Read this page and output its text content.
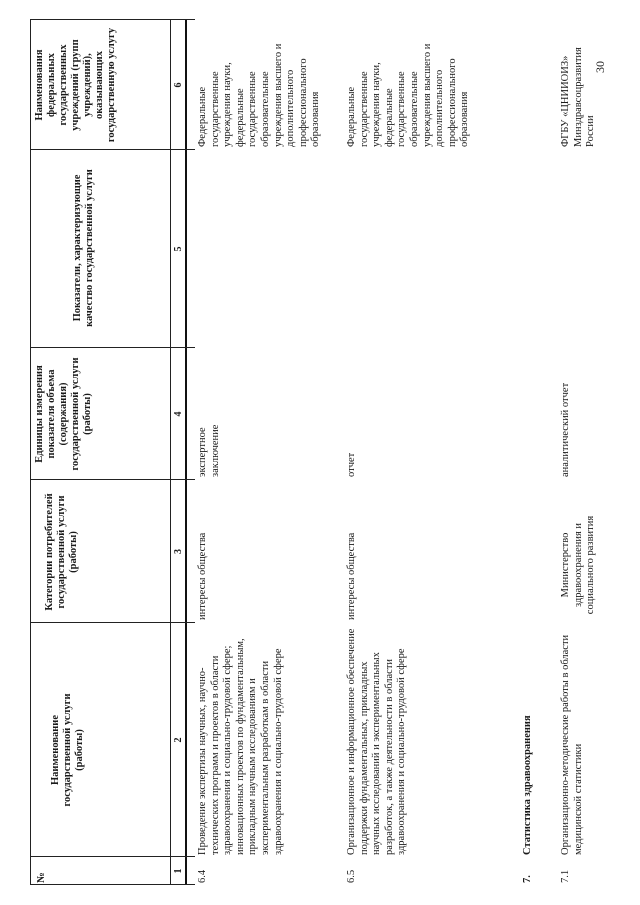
№
Наименование государственной услуги (работы)
Категории потребителей государственной услуги (работы)
Единицы измерения показателя объема (содержания) государственной услуги (работы)
Показатели, характеризующие качество государственной услуги
Наименования федеральных государственных учреждений (групп учреждений), оказывающих государственную услугу
1
2
3
4
5
6
6.4
Проведение экспертизы научных, научно-технических программ и проектов в области здравоохранения и социально-трудовой сфере; инновационных проектов по фундаментальным, прикладным научным исследованиям и экспериментальным разработкам в области здравоохранения и социально-трудовой сфере
интересы общества
экспертное заключение
Федеральные государственные учреждения науки, федеральные государственные образовательные учреждения высшего и дополнительного профессионального образования
6.5
Организационное и информационное обеспечение поддержки фундаментальных, прикладных научных исследований и экспериментальных разработок, а также деятельности в области здравоохранения и социально-трудовой сфере
интересы общества
отчет
Федеральные государственные учреждения науки, федеральные государственные образовательные учреждения высшего и дополнительного профессионального образования
7.
Статистика здравоохранения
7.1
Организационно-методические работы в области медицинской статистики
Министерство здравоохранения и социального развития
аналитический отчет
ФГБУ «ЦНИИОИЗ» Минздравсоцразвития России
30
